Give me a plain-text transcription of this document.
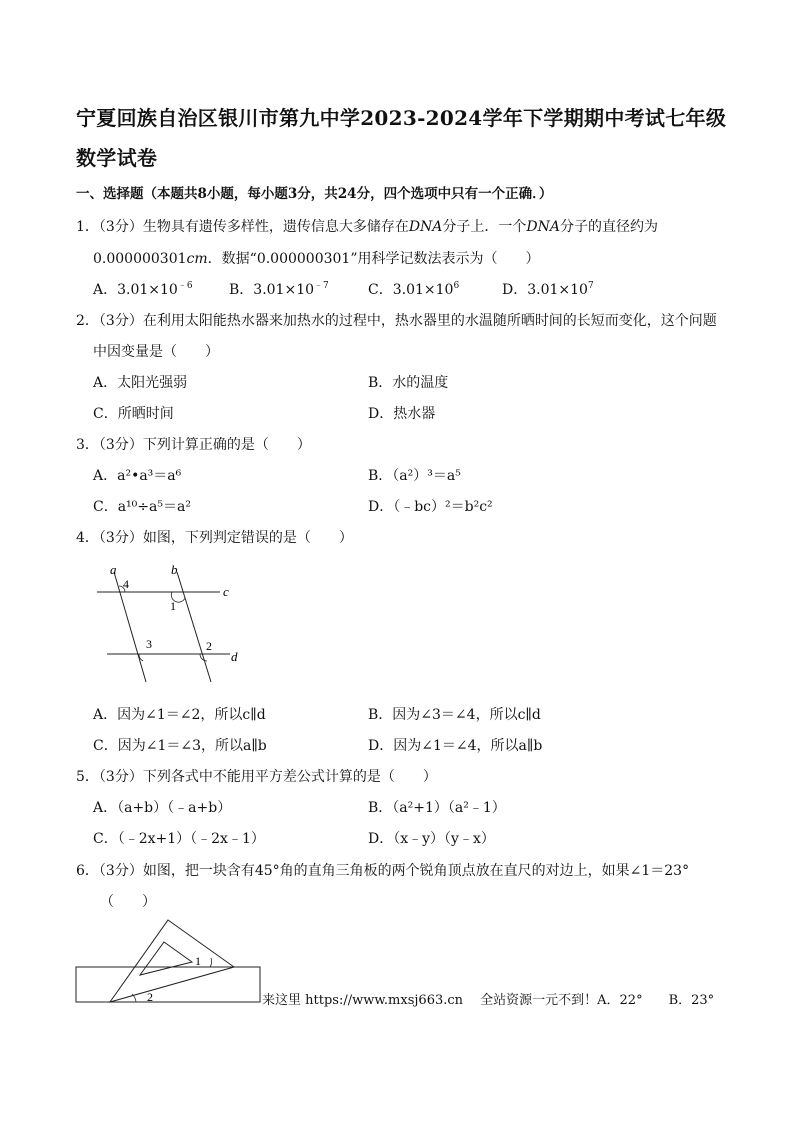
宁夏回族自治区银川市第九中学2023-2024学年下学期期中考试七年级数学试卷
一、选择题（本题共8小题，每小题3分，共24分，四个选项中只有一个正确．）
1．（3分）生物具有遗传多样性，遗传信息大多储存在DNA分子上．一个DNA分子的直径约为
0.000000301cm．数据“0.000000301”用科学记数法表示为（　　）
A．$3.01\times 10^{﹣6}$	B．$3.01\times 10^{﹣7}$	C．$3.01\times 10^6$	D．$3.01\times 10^7$
2．（3分）在利用太阳能热水器来加热水的过程中，热水器里的水温随所晒时间的长短而变化，这个问题
中因变量是（　　）
A．太阳光强弱	B．水的温度
C．所晒时间	D．热水器
3．（3分）下列计算正确的是（　　）
A．a²•a³＝a⁶	B．（a²）³＝a⁵
C．a¹⁰÷a⁵＝a²	D．（﹣bc）²＝b²c²
4．（3分）如图，下列判定错误的是（　　）
a	b
c
d
1
2
3
4
A．因为∠1＝∠2，所以c∥d	B．因为∠3＝∠4，所以c∥d
C．因为∠1＝∠3，所以a∥b	D．因为∠1＝∠4，所以a∥b
5．（3分）下列各式中不能用平方差公式计算的是（　　）
A．（a+b）（﹣a+b）	B．（a²+1）（a²﹣1）
C．（﹣2x+1）（﹣2x﹣1）	D．（x﹣y）（y﹣x）
6．（3分）如图，把一块含有45°角的直角三角板的两个锐角顶点放在直尺的对边上，如果∠1＝23°
（　　）
1
2	来这里 https://www.mxsj663.cn　 全站资源一元不到！A．22°　　B．23°
